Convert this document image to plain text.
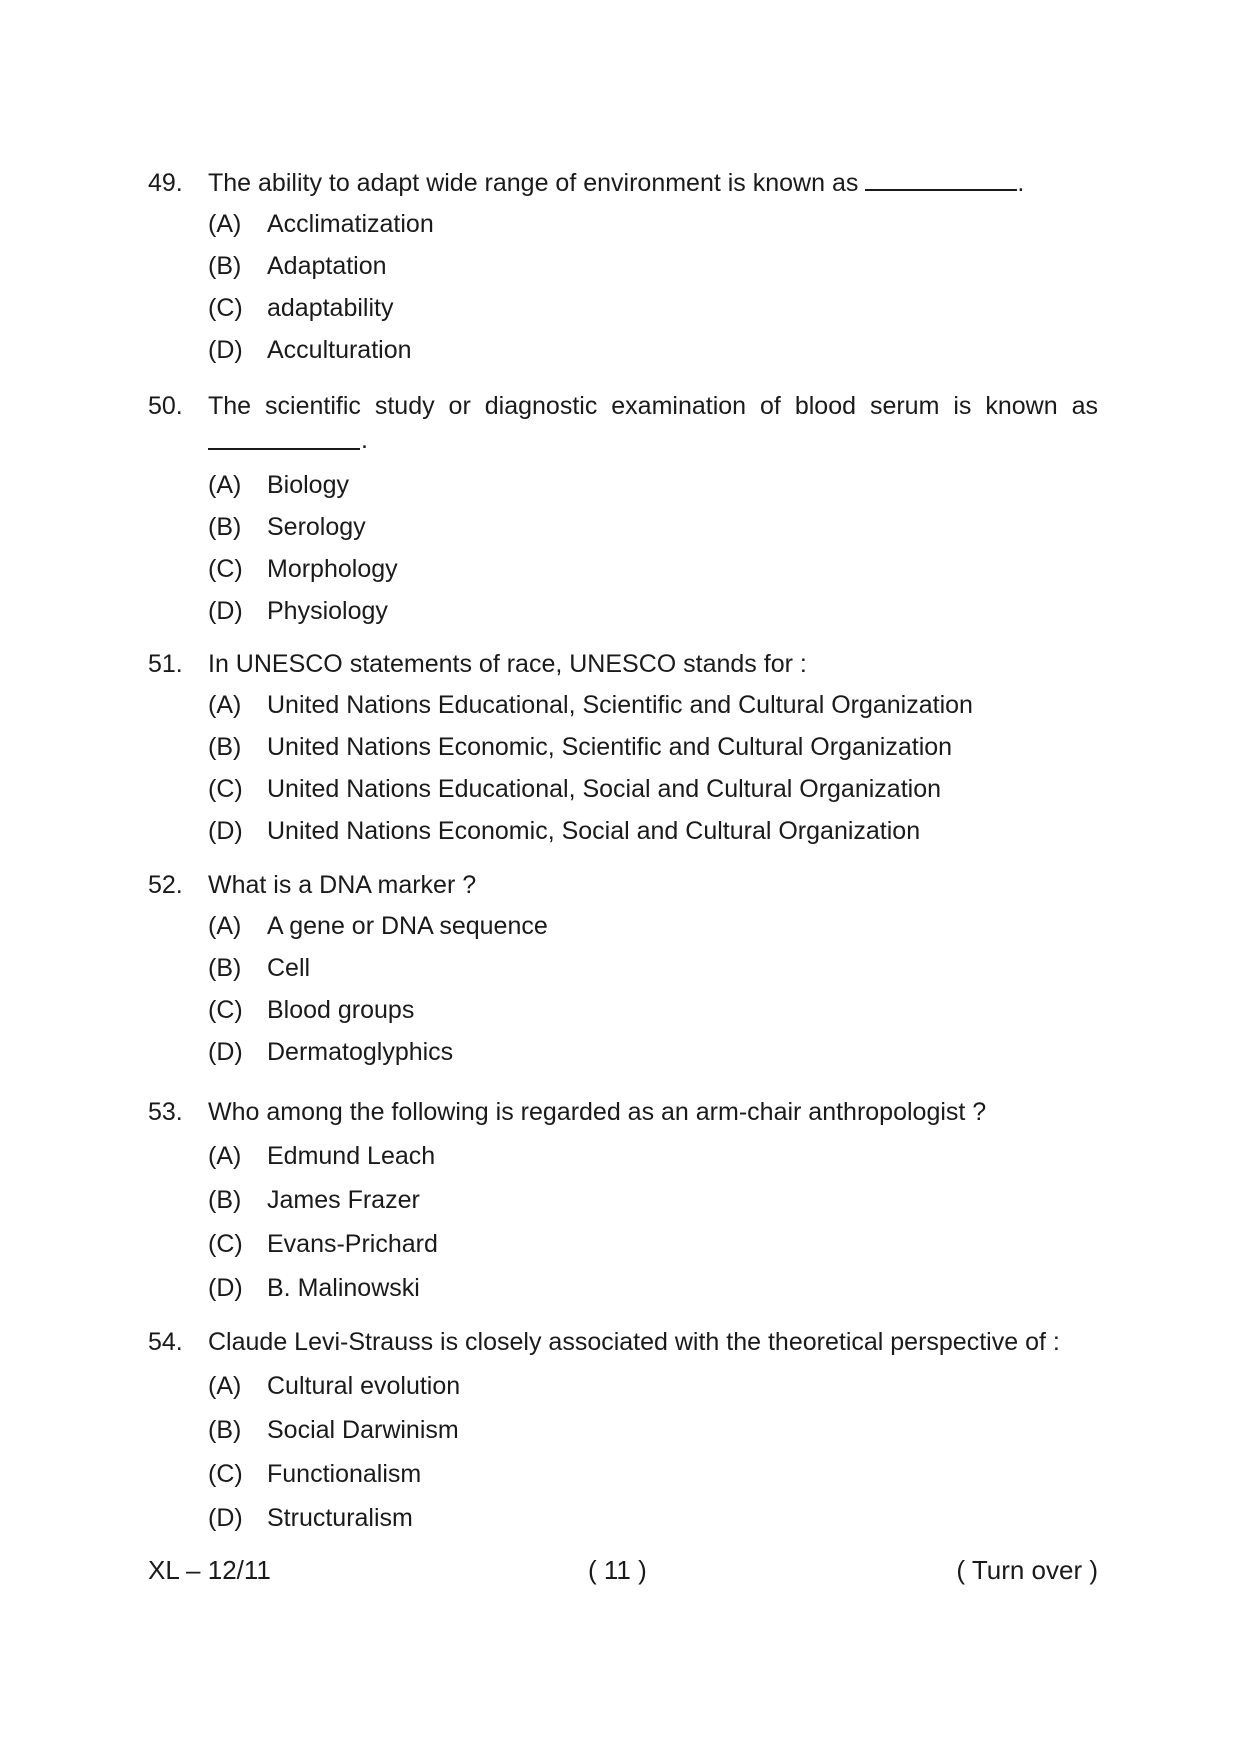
49. The ability to adapt wide range of environment is known as	.
(A) Acclimatization
(B) Adaptation
(C) adaptability
(D) Acculturation
50. The scientific study or diagnostic examination of blood serum is known as
.
(A) Biology
(B) Serology
(C) Morphology
(D) Physiology
51. In UNESCO statements of race, UNESCO stands for :
(A) United Nations Educational, Scientific and Cultural Organization
(B) United Nations Economic, Scientific and Cultural Organization
(C) United Nations Educational, Social and Cultural Organization
(D) United Nations Economic, Social and Cultural Organization
52. What is a DNA marker ?
(A) A gene or DNA sequence
(B) Cell
(C) Blood groups
(D) Dermatoglyphics
53. Who among the following is regarded as an arm-chair anthropologist ?
(A) Edmund Leach
(B) James Frazer
(C) Evans-Prichard
(D) B. Malinowski
54. Claude Levi-Strauss is closely associated with the theoretical perspective of :
(A) Cultural evolution
(B) Social Darwinism
(C) Functionalism
(D) Structuralism
XL – 12/11	( 11 )	( Turn over )
